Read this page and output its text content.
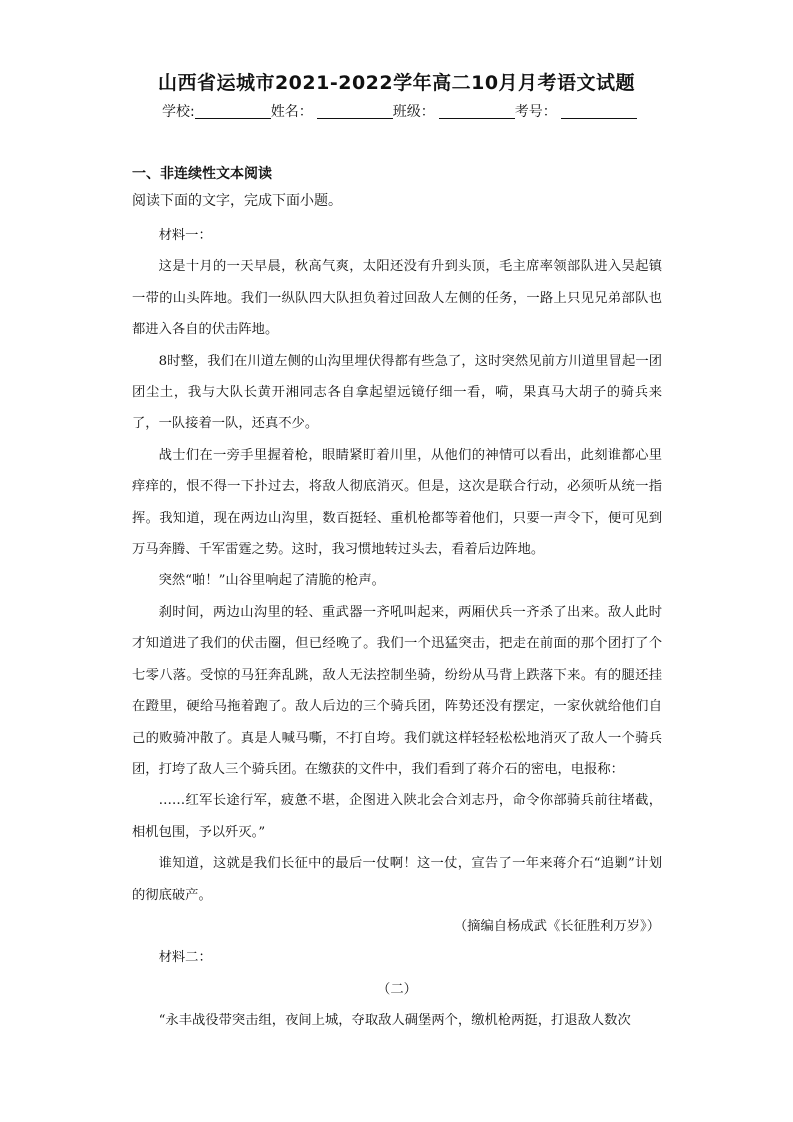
山西省运城市2021-2022学年高二10月月考语文试题
学校:	姓名：	班级：	考号：
一、非连续性文本阅读
阅读下面的文字，完成下面小题。

材料一：

这是十月的一天早晨，秋高气爽，太阳还没有升到头顶，毛主席率领部队进入吴起镇一带的山头阵地。我们一纵队四大队担负着过回敌人左侧的任务，一路上只见兄弟部队也都进入各自的伏击阵地。

8时整，我们在川道左侧的山沟里埋伏得都有些急了，这时突然见前方川道里冒起一团团尘土，我与大队长黄开湘同志各自拿起望远镜仔细一看，嗬，果真马大胡子的骑兵来了，一队接着一队，还真不少。

战士们在一旁手里握着枪，眼睛紧盯着川里，从他们的神情可以看出，此刻谁都心里痒痒的，恨不得一下扑过去，将敌人彻底消灭。但是，这次是联合行动，必须听从统一指挥。我知道，现在两边山沟里，数百挺轻、重机枪都等着他们，只要一声令下，便可见到万马奔腾、千军雷霆之势。这时，我习惯地转过头去，看着后边阵地。

突然“啪！”山谷里响起了清脆的枪声。

刹时间，两边山沟里的轻、重武器一齐吼叫起来，两厢伏兵一齐杀了出来。敌人此时才知道进了我们的伏击圈，但已经晚了。我们一个迅猛突击，把走在前面的那个团打了个七零八落。受惊的马狂奔乱跳，敌人无法控制坐骑，纷纷从马背上跌落下来。有的腿还挂在蹬里，硬给马拖着跑了。敌人后边的三个骑兵团，阵势还没有摆定，一家伙就给他们自己的败骑冲散了。真是人喊马嘶，不打自垮。我们就这样轻轻松松地消灭了敌人一个骑兵团，打垮了敌人三个骑兵团。在缴获的文件中，我们看到了蒋介石的密电，电报称：

……红军长途行军，疲惫不堪，企图进入陕北会合刘志丹，命令你部骑兵前往堵截，相机包围，予以歼灭。”

谁知道，这就是我们长征中的最后一仗啊！这一仗，宣告了一年来蒋介石“追剿”计划的彻底破产。

（摘编自杨成武《长征胜利万岁》）

材料二：

（二）

“永丰战役带突击组，夜间上城，夺取敌人碉堡两个，缴机枪两挺，打退敌人数次
